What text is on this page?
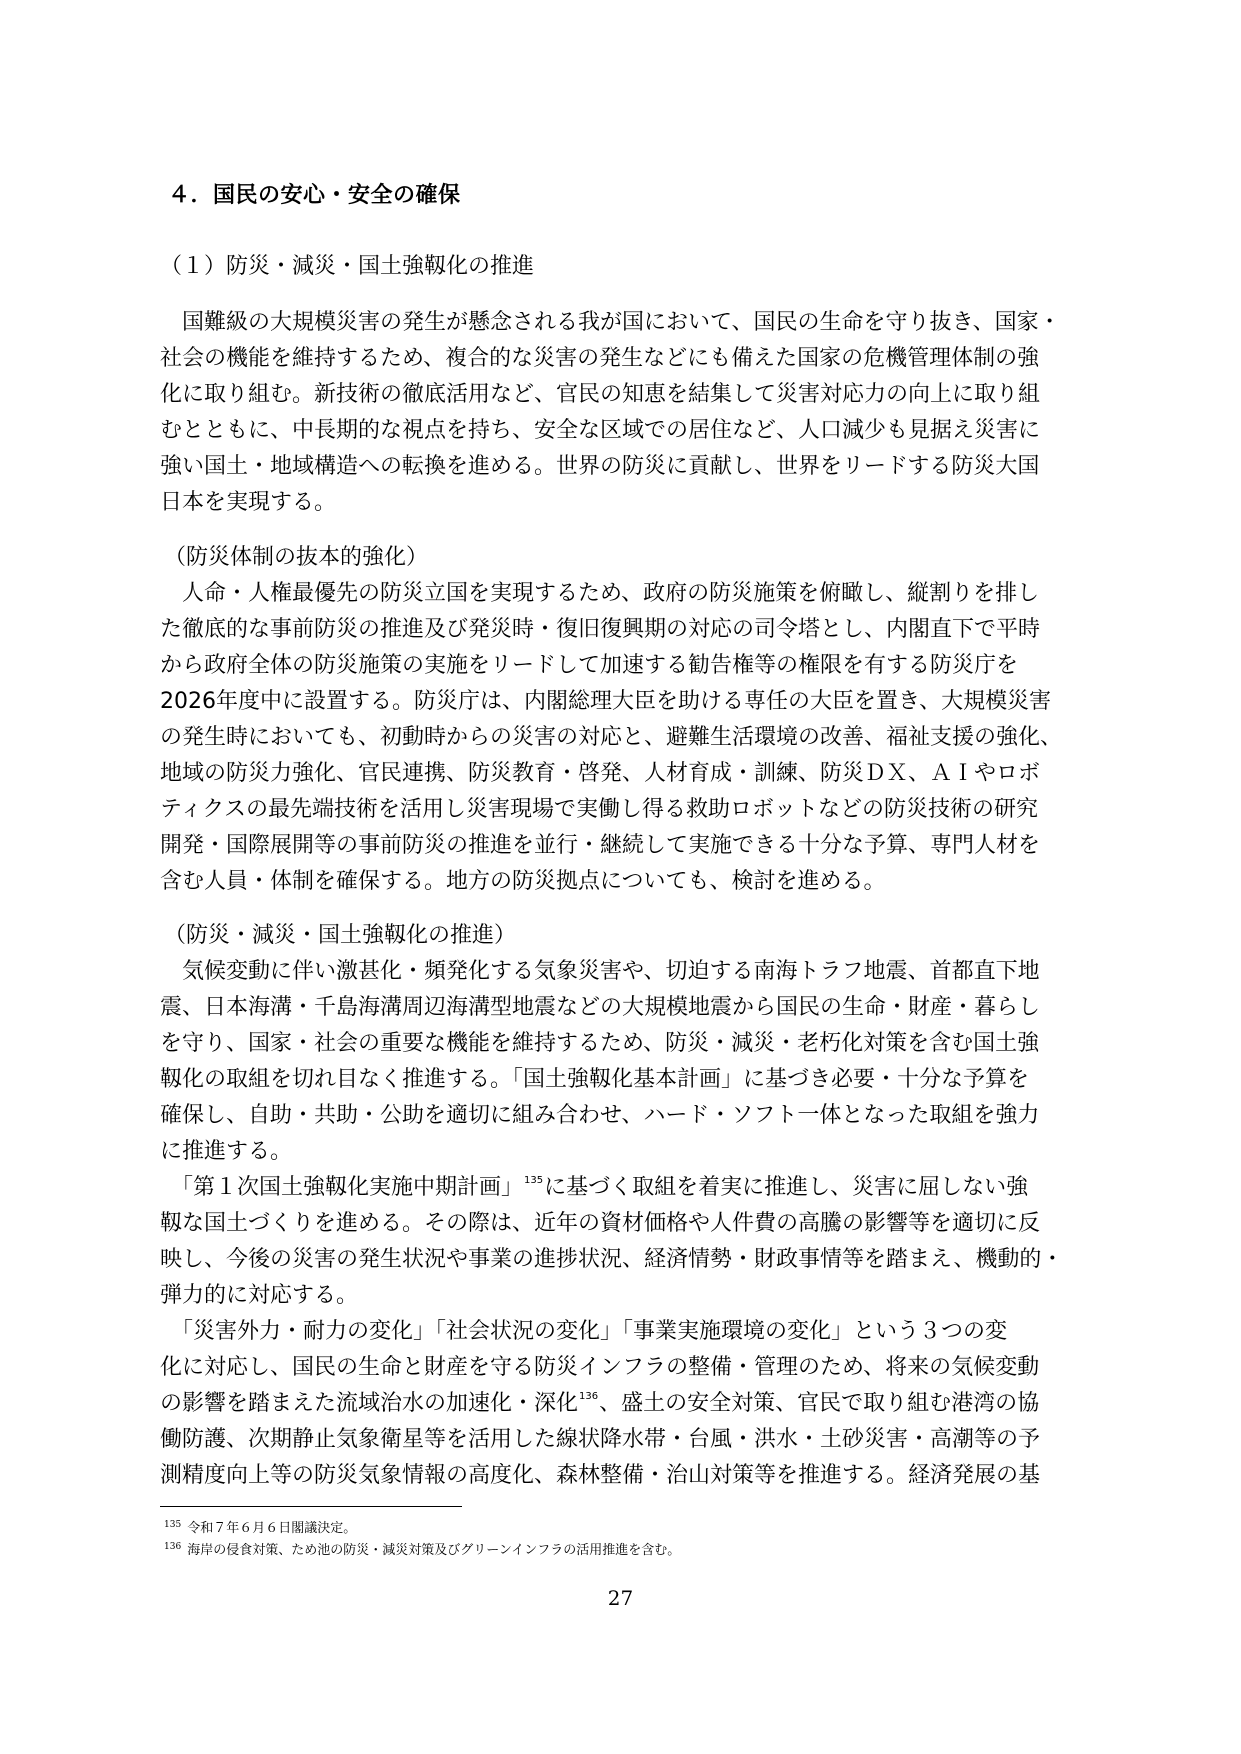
４．国民の安心・安全の確保
（１）防災・減災・国土強靱化の推進
　国難級の大規模災害の発生が懸念される我が国において、国民の生命を守り抜き、国家・
社会の機能を維持するため、複合的な災害の発生などにも備えた国家の危機管理体制の強
化に取り組む。新技術の徹底活用など、官民の知恵を結集して災害対応力の向上に取り組
むとともに、中長期的な視点を持ち、安全な区域での居住など、人口減少も見据え災害に
強い国土・地域構造への転換を進める。世界の防災に貢献し、世界をリードする防災大国
日本を実現する。
（防災体制の抜本的強化）
　人命・人権最優先の防災立国を実現するため、政府の防災施策を俯瞰し、縦割りを排し
た徹底的な事前防災の推進及び発災時・復旧復興期の対応の司令塔とし、内閣直下で平時
から政府全体の防災施策の実施をリードして加速する勧告権等の権限を有する防災庁を
2026年度中に設置する。防災庁は、内閣総理大臣を助ける専任の大臣を置き、大規模災害
の発生時においても、初動時からの災害の対応と、避難生活環境の改善、福祉支援の強化、
地域の防災力強化、官民連携、防災教育・啓発、人材育成・訓練、防災ＤＸ、ＡＩやロボ
ティクスの最先端技術を活用し災害現場で実働し得る救助ロボットなどの防災技術の研究
開発・国際展開等の事前防災の推進を並行・継続して実施できる十分な予算、専門人材を
含む人員・体制を確保する。地方の防災拠点についても、検討を進める。
（防災・減災・国土強靱化の推進）
　気候変動に伴い激甚化・頻発化する気象災害や、切迫する南海トラフ地震、首都直下地
震、日本海溝・千島海溝周辺海溝型地震などの大規模地震から国民の生命・財産・暮らし
を守り、国家・社会の重要な機能を維持するため、防災・減災・老朽化対策を含む国土強
靱化の取組を切れ目なく推進する。「国土強靱化基本計画」に基づき必要・十分な予算を
確保し、自助・共助・公助を適切に組み合わせ、ハード・ソフト一体となった取組を強力
に推進する。
　「第１次国土強靱化実施中期計画」$^{135}$に基づく取組を着実に推進し、災害に屈しない強
靱な国土づくりを進める。その際は、近年の資材価格や人件費の高騰の影響等を適切に反
映し、今後の災害の発生状況や事業の進捗状況、経済情勢・財政事情等を踏まえ、機動的・
弾力的に対応する。
　「災害外力・耐力の変化」「社会状況の変化」「事業実施環境の変化」という３つの変
化に対応し、国民の生命と財産を守る防災インフラの整備・管理のため、将来の気候変動
の影響を踏まえた流域治水の加速化・深化$^{136}$、盛土の安全対策、官民で取り組む港湾の協
働防護、次期静止気象衛星等を活用した線状降水帯・台風・洪水・土砂災害・高潮等の予
測精度向上等の防災気象情報の高度化、森林整備・治山対策等を推進する。経済発展の基
$^{135}$ 令和７年６月６日閣議決定。
$^{136}$ 海岸の侵食対策、ため池の防災・減災対策及びグリーンインフラの活用推進を含む。
27
